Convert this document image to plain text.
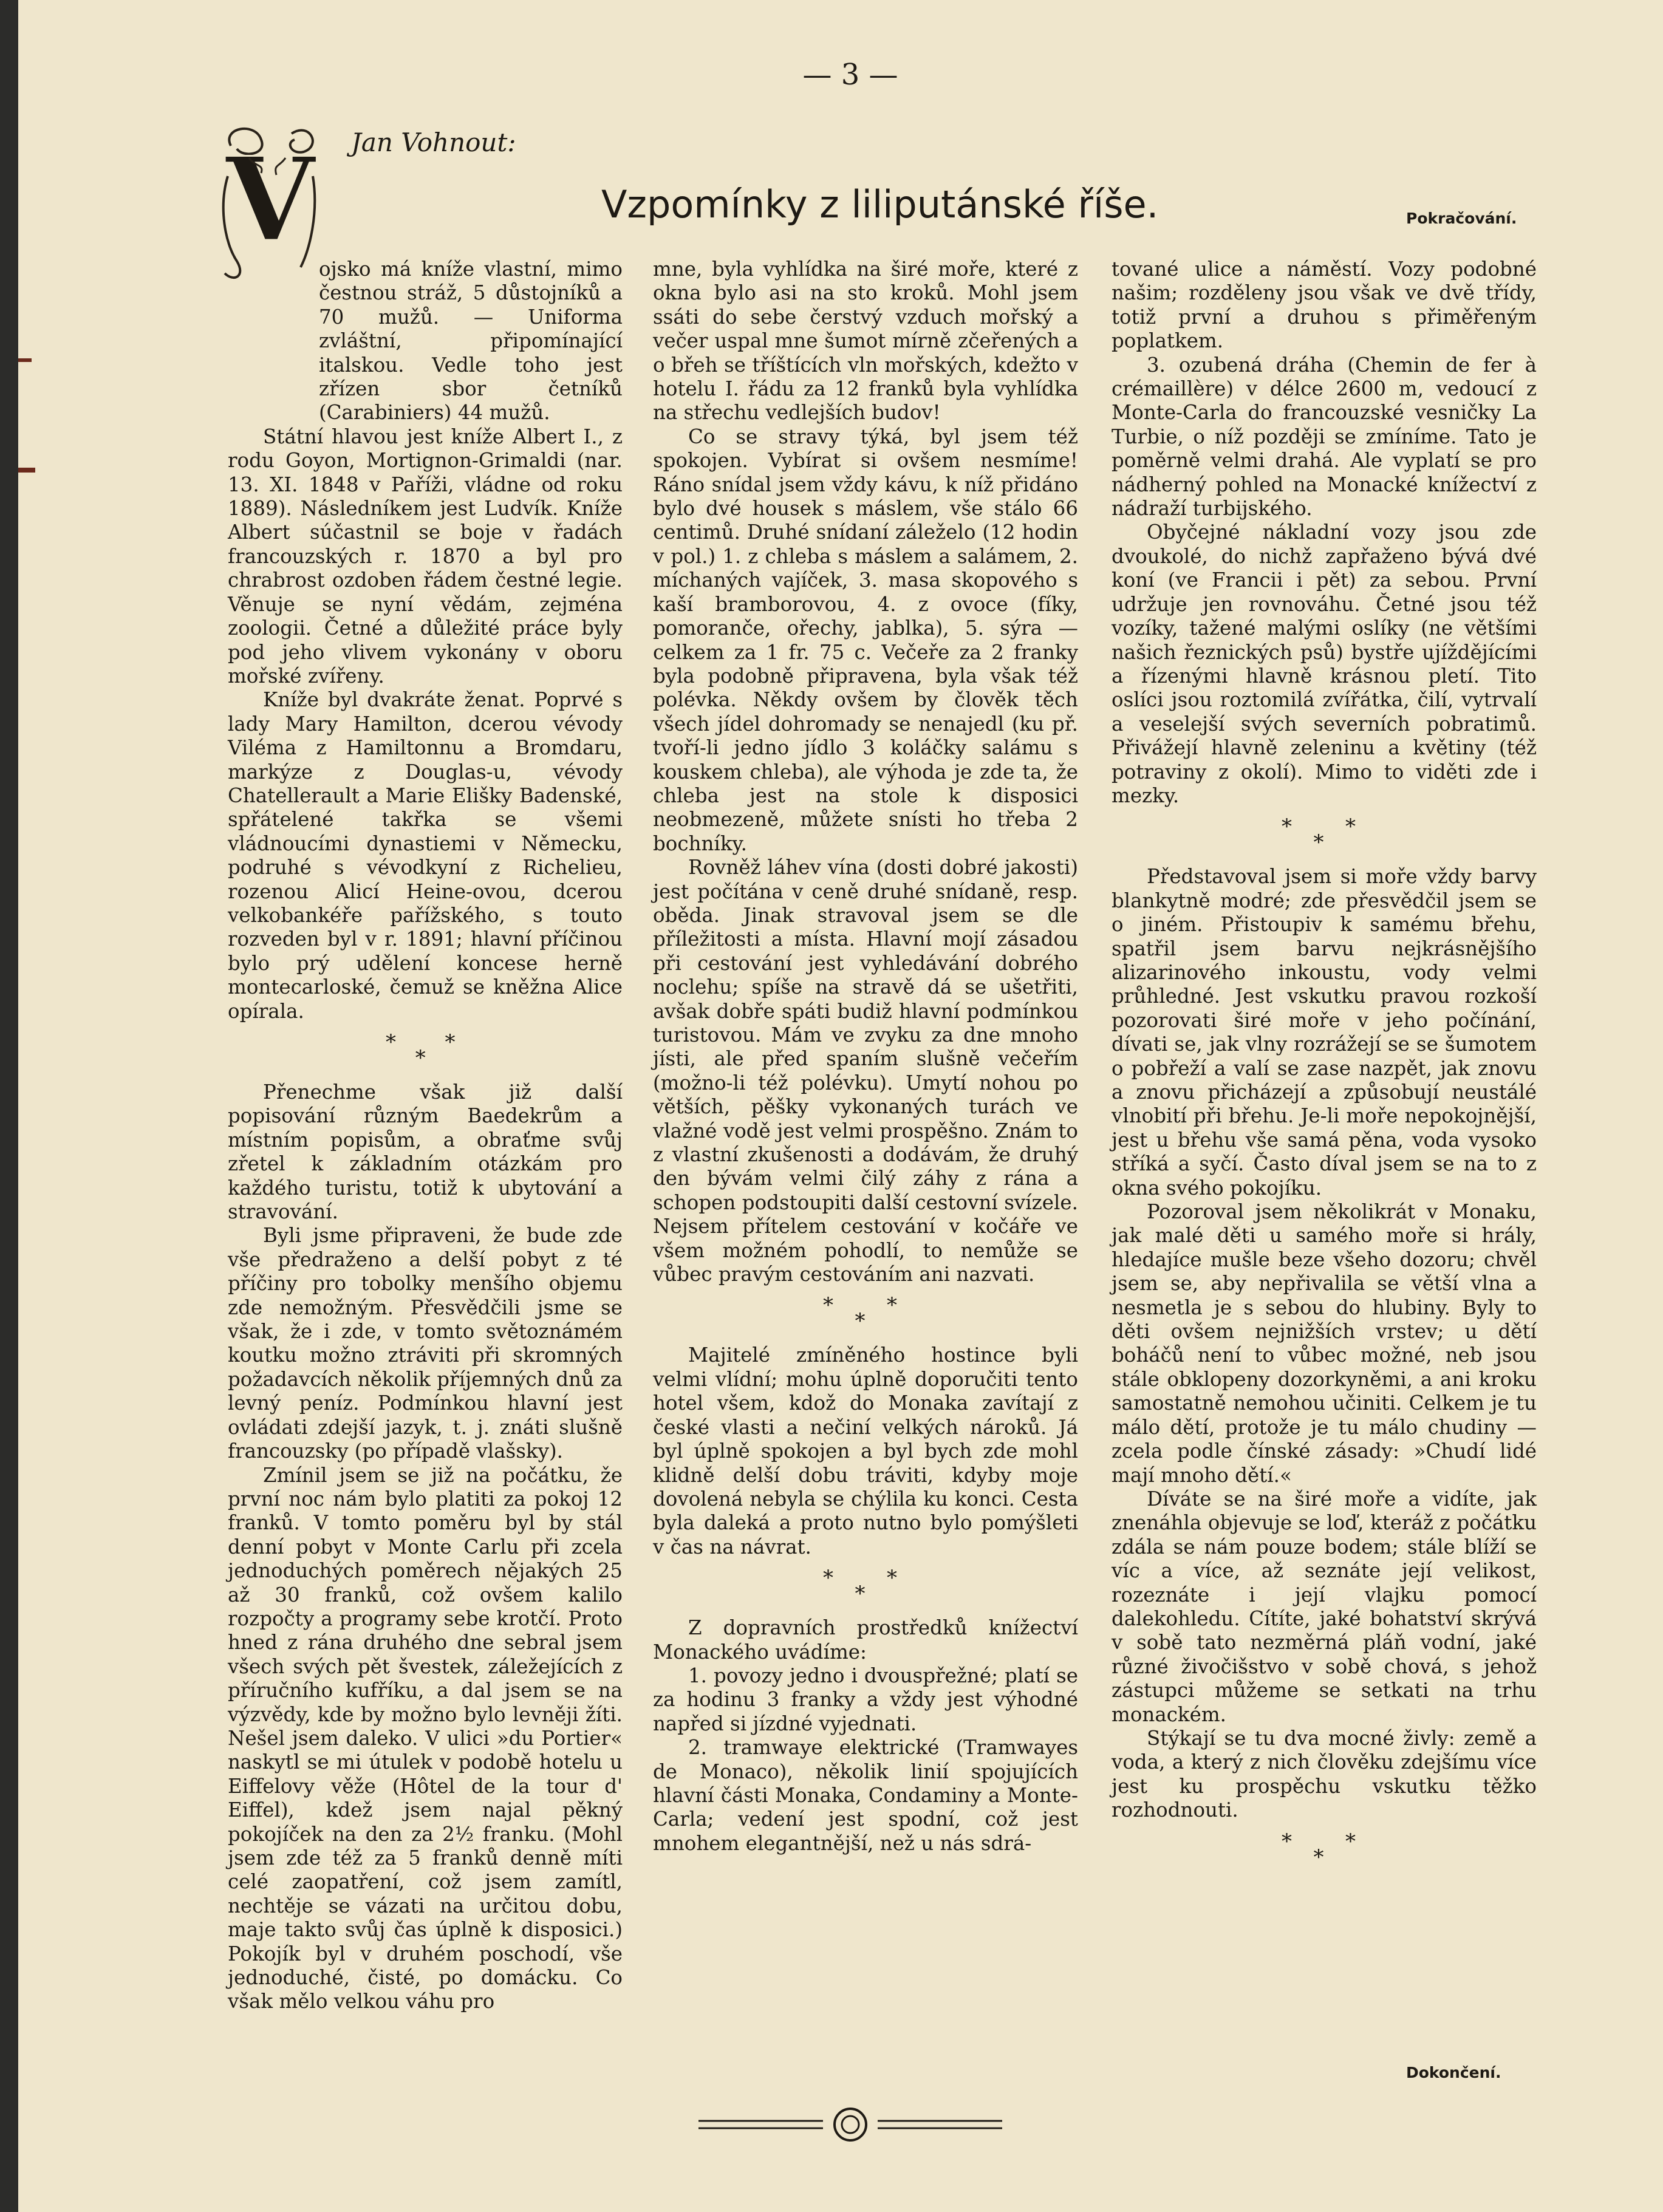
— 3 —
Jan Vohnout:
Vzpomínky z liliputánské říše.	Pokračování.
V

ojsko má kníže vlastní, mimo čestnou stráž, 5 důstojníků a 70 mužů. — Uniforma zvláštní, připomínající italskou. Vedle toho jest zřízen sbor četníků (Carabiniers) 44 mužů.

Státní hlavou jest kníže Albert I., z rodu Goyon, Mortignon-Grimaldi (nar. 13. XI. 1848 v Paříži, vládne od roku 1889). Následníkem jest Ludvík. Kníže Albert súčastnil se boje v řadách francouzských r. 1870 a byl pro chrabrost ozdoben řádem čestné legie. Věnuje se nyní vědám, zejména zoologii. Četné a důležité práce byly pod jeho vlivem vykonány v oboru mořské zvířeny.

Kníže byl dvakráte ženat. Poprvé s lady Mary Hamilton, dcerou vévody Viléma z Hamiltonnu a Bromdaru, markýze z Douglas-u, vévody Chatellerault a Marie Elišky Badenské, spřátelené takřka se všemi vládnoucími dynastiemi v Německu, podruhé s vévodkyní z Richelieu, rozenou Alicí Heine-ovou, dcerou velkobankéře pařížského, s touto rozveden byl v r. 1891; hlavní příčinou bylo prý udělení koncese herně montecarloské, čemuž se kněžna Alice opírala.

* *
*

Přenechme však již další popisování různým Baedekrům a místním popisům, a obraťme svůj zřetel k základním otázkám pro každého turistu, totiž k ubytování a stravování.

Byli jsme připraveni, že bude zde vše předraženo a delší pobyt z té příčiny pro tobolky menšího objemu zde nemožným. Přesvědčili jsme se však, že i zde, v tomto světoznámém koutku možno ztráviti při skromných požadavcích několik příjemných dnů za levný peníz. Podmínkou hlavní jest ovládati zdejší jazyk, t. j. znáti slušně francouzsky (po případě vlašsky).

Zmínil jsem se již na počátku, že první noc nám bylo platiti za pokoj 12 franků. V tomto poměru byl by stál denní pobyt v Monte Carlu při zcela jednoduchých poměrech nějakých 25 až 30 franků, což ovšem kalilo rozpočty a programy sebe krotčí. Proto hned z rána druhého dne sebral jsem všech svých pět švestek, záležejících z příručního kufříku, a dal jsem se na výzvědy, kde by možno bylo levněji žíti. Nešel jsem daleko. V ulici »du Portier« naskytl se mi útulek v podobě hotelu u Eiffelovy věže (Hôtel de la tour d' Eiffel), kdež jsem najal pěkný pokojíček na den za 2½ franku. (Mohl jsem zde též za 5 franků denně míti celé zaopatření, což jsem zamítl, nechtěje se vázati na určitou dobu, maje takto svůj čas úplně k disposici.) Pokojík byl v druhém poschodí, vše jednoduché, čisté, po domácku. Co však mělo velkou váhu pro

mne, byla vyhlídka na širé moře, které z okna bylo asi na sto kroků. Mohl jsem ssáti do sebe čerstvý vzduch mořský a večer uspal mne šumot mírně zčeřených a o břeh se tříštících vln mořských, kdežto v hotelu I. řádu za 12 franků byla vyhlídka na střechu vedlejších budov!

Co se stravy týká, byl jsem též spokojen. Vybírat si ovšem nesmíme! Ráno snídal jsem vždy kávu, k níž přidáno bylo dvé housek s máslem, vše stálo 66 centimů. Druhé snídaní záleželo (12 hodin v pol.) 1. z chleba s máslem a salámem, 2. míchaných vajíček, 3. masa skopového s kaší bramborovou, 4. z ovoce (fíky, pomoranče, ořechy, jablka), 5. sýra — celkem za 1 fr. 75 c. Večeře za 2 franky byla podobně připravena, byla však též polévka. Někdy ovšem by člověk těch všech jídel dohromady se nenajedl (ku př. tvoří-li jedno jídlo 3 koláčky salámu s kouskem chleba), ale výhoda je zde ta, že chleba jest na stole k disposici neobmezeně, můžete snísti ho třeba 2 bochníky.

Rovněž láhev vína (dosti dobré jakosti) jest počítána v ceně druhé snídaně, resp. oběda. Jinak stravoval jsem se dle příležitosti a místa. Hlavní mojí zásadou při cestování jest vyhledávání dobrého noclehu; spíše na stravě dá se ušetřiti, avšak dobře spáti budiž hlavní podmínkou turistovou. Mám ve zvyku za dne mnoho jísti, ale před spaním slušně večeřím (možno-li též polévku). Umytí nohou po větších, pěšky vykonaných turách ve vlažné vodě jest velmi prospěšno. Znám to z vlastní zkušenosti a dodávám, že druhý den bývám velmi čilý záhy z rána a schopen podstoupiti další cestovní svízele. Nejsem přítelem cestování v kočáře ve všem možném pohodlí, to nemůže se vůbec pravým cestováním ani nazvati.

*	*
*

Majitelé zmíněného hostince byli velmi vlídní; mohu úplně doporučiti tento hotel všem, kdož do Monaka zavítají z české vlasti a nečiní velkých nároků. Já byl úplně spokojen a byl bych zde mohl klidně delší dobu tráviti, kdyby moje dovolená nebyla se chýlila ku konci. Cesta byla daleká a proto nutno bylo pomýšleti v čas na návrat.

*	*
*

Z dopravních prostředků knížectví Monackého uvádíme:

1. povozy jedno i dvouspřežné; platí se za hodinu 3 franky a vždy jest výhodné napřed si jízdné vyjednati.

2. tramwaye elektrické (Tramwayes de Monaco), několik linií spojujících hlavní části Monaka, Condaminy a Monte-Carla; vedení jest spodní, což jest mnohem elegantnější, než u nás sdrá-

tované ulice a náměstí. Vozy podobné našim; rozděleny jsou však ve dvě třídy, totiž první a druhou s přiměřeným poplatkem.

3. ozubená dráha (Chemin de fer à crémaillère) v délce 2600 m, vedoucí z Monte-Carla do francouzské vesničky La Turbie, o níž později se zmíníme. Tato je poměrně velmi drahá. Ale vyplatí se pro nádherný pohled na Monacké knížectví z nádraží turbijského.

Obyčejné nákladní vozy jsou zde dvoukolé, do nichž zapřaženo bývá dvé koní (ve Francii i pět) za sebou. První udržuje jen rovnováhu. Četné jsou též vozíky, tažené malými oslíky (ne většími našich řeznických psů) bystře ujíždějícími a řízenými hlavně krásnou pletí. Tito oslíci jsou roztomilá zvířátka, čilí, vytrvalí a veselejší svých severních pobratimů. Přivážejí hlavně zeleninu a květiny (též potraviny z okolí). Mimo to viděti zde i mezky.

*	*
*

Představoval jsem si moře vždy barvy blankytně modré; zde přesvědčil jsem se o jiném. Přistoupiv k samému břehu, spatřil jsem barvu nejkrásnějšího alizarinového inkoustu, vody velmi průhledné. Jest vskutku pravou rozkoší pozorovati širé moře v jeho počínání, dívati se, jak vlny rozrážejí se se šumotem o pobřeží a valí se zase nazpět, jak znovu a znovu přicházejí a způsobují neustálé vlnobití při břehu. Je-li moře nepokojnější, jest u břehu vše samá pěna, voda vysoko stříká a syčí. Často díval jsem se na to z okna svého pokojíku.

Pozoroval jsem několikrát v Monaku, jak malé děti u samého moře si hrály, hledajíce mušle beze všeho dozoru; chvěl jsem se, aby nepřivalila se větší vlna a nesmetla je s sebou do hlubiny. Byly to děti ovšem nejnižších vrstev; u dětí boháčů není to vůbec možné, neb jsou stále obklopeny dozorkyněmi, a ani kroku samostatně nemohou učiniti. Celkem je tu málo dětí, protože je tu málo chudiny — zcela podle čínské zásady: »Chudí lidé mají mnoho dětí.«

Díváte se na širé moře a vidíte, jak znenáhla objevuje se loď, kteráž z počátku zdála se nám pouze bodem; stále blíží se víc a více, až seznáte její velikost, rozeznáte i její vlajku pomocí dalekohledu. Cítíte, jaké bohatství skrývá v sobě tato nezměrná pláň vodní, jaké různé živočišstvo v sobě chová, s jehož zástupci můžeme se setkati na trhu monackém.

Stýkají se tu dva mocné živly: země a voda, a který z nich člověku zdejšímu více jest ku prospěchu vskutku těžko rozhodnouti.

*	*
*
Dokončení.
